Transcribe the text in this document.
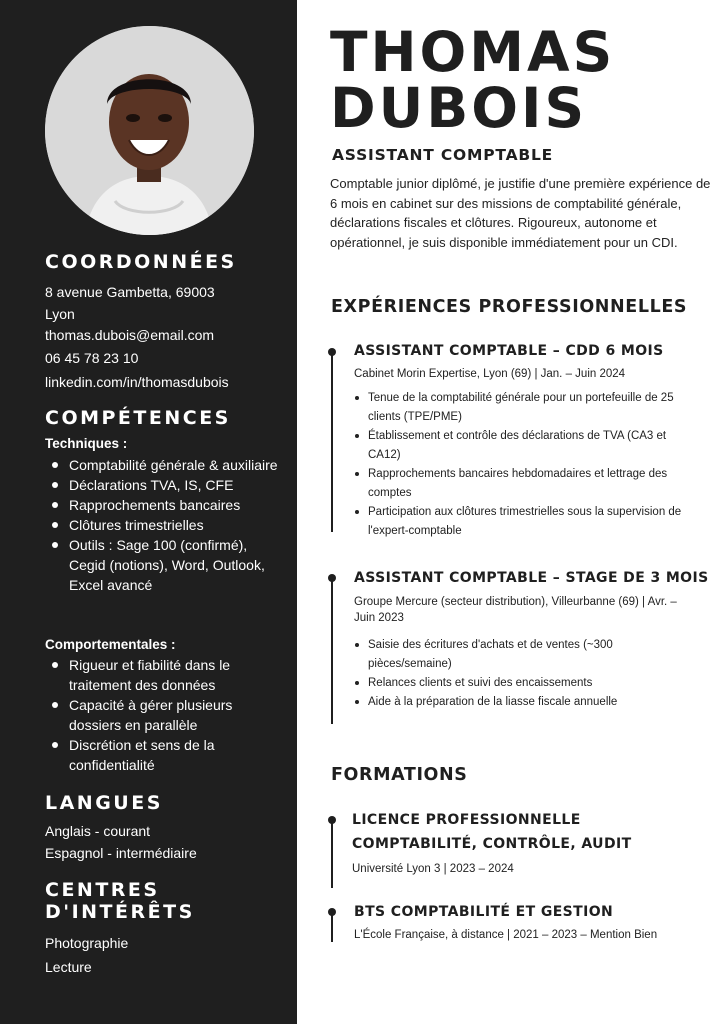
COORDONNÉES
8 avenue Gambetta, 69003
Lyon
thomas.dubois@email.com
06 45 78 23 10
linkedin.com/in/thomasdubois
COMPÉTENCES
Techniques :
Comptabilité générale & auxiliaire
Déclarations TVA, IS, CFE
Rapprochements bancaires
Clôtures trimestrielles
Outils : Sage 100 (confirmé), Cegid (notions), Word, Outlook, Excel avancé
Comportementales :
Rigueur et fiabilité dans le traitement des données
Capacité à gérer plusieurs dossiers en parallèle
Discrétion et sens de la confidentialité
LANGUES
Anglais - courant
Espagnol - intermédiaire
CENTRES
D'INTÉRÊTS
Photographie
Lecture
THOMAS
DUBOIS
ASSISTANT COMPTABLE
Comptable junior diplômé, je justifie d'une première expérience de 6 mois en cabinet sur des missions de comptabilité générale, déclarations fiscales et clôtures. Rigoureux, autonome et opérationnel, je suis disponible immédiatement pour un CDI.
EXPÉRIENCES PROFESSIONNELLES
ASSISTANT COMPTABLE – CDD 6 MOIS
Cabinet Morin Expertise, Lyon (69) | Jan. – Juin 2024
Tenue de la comptabilité générale pour un portefeuille de 25 clients (TPE/PME)
Établissement et contrôle des déclarations de TVA (CA3 et CA12)
Rapprochements bancaires hebdomadaires et lettrage des comptes
Participation aux clôtures trimestrielles sous la supervision de l'expert-comptable
ASSISTANT COMPTABLE – STAGE DE 3 MOIS
Groupe Mercure (secteur distribution), Villeurbanne (69) | Avr. – Juin 2023
Saisie des écritures d'achats et de ventes (~300 pièces/semaine)
Relances clients et suivi des encaissements
Aide à la préparation de la liasse fiscale annuelle
FORMATIONS
LICENCE PROFESSIONNELLE
COMPTABILITÉ, CONTRÔLE, AUDIT
Université Lyon 3 | 2023 – 2024
BTS COMPTABILITÉ ET GESTION
L'École Française, à distance | 2021 – 2023 – Mention Bien
